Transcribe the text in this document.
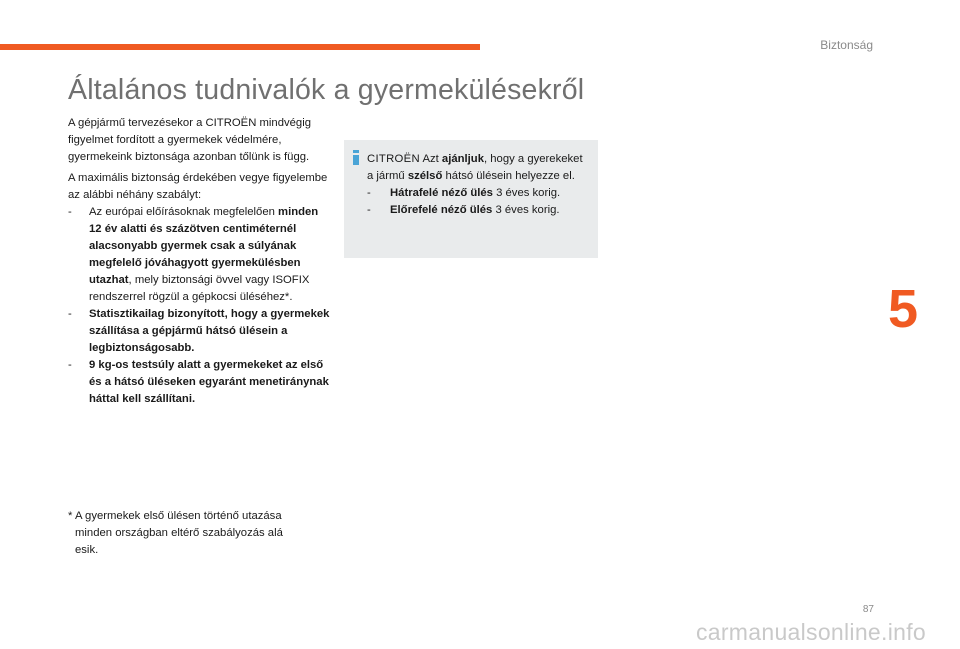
Biztonság
5
Általános tudnivalók a gyermekülésekről

A gépjármű tervezésekor a CITROËN mindvégig figyelmet fordított a gyermekek védelmére, gyermekeink biztonsága azonban tőlünk is függ.

A maximális biztonság érdekében vegye figyelembe az alábbi néhány szabályt:

- Az európai előírásoknak megfelelően minden 12 év alatti és százötven centiméternél alacsonyabb gyermek csak a súlyának megfelelő jóváhagyott gyermekülésben utazhat, mely biztonsági övvel vagy ISOFIX rendszerrel rögzül a gépkocsi üléséhez*.
- Statisztikailag bizonyított, hogy a gyermekek szállítása a gépjármű hátsó ülésein a legbiztonságosabb.
- 9 kg-os testsúly alatt a gyermekeket az első és a hátsó üléseken egyaránt menetiránynak háttal kell szállítani.
* A gyermekek első ülésen történő utazása minden országban eltérő szabályozás alá esik.
CITROËN Azt ajánljuk, hogy a gyerekeket a jármű szélső hátsó ülésein helyezze el.
- Hátrafelé néző ülés 3 éves korig.
- Előrefelé néző ülés 3 éves korig.
87
carmanualsonline.info
